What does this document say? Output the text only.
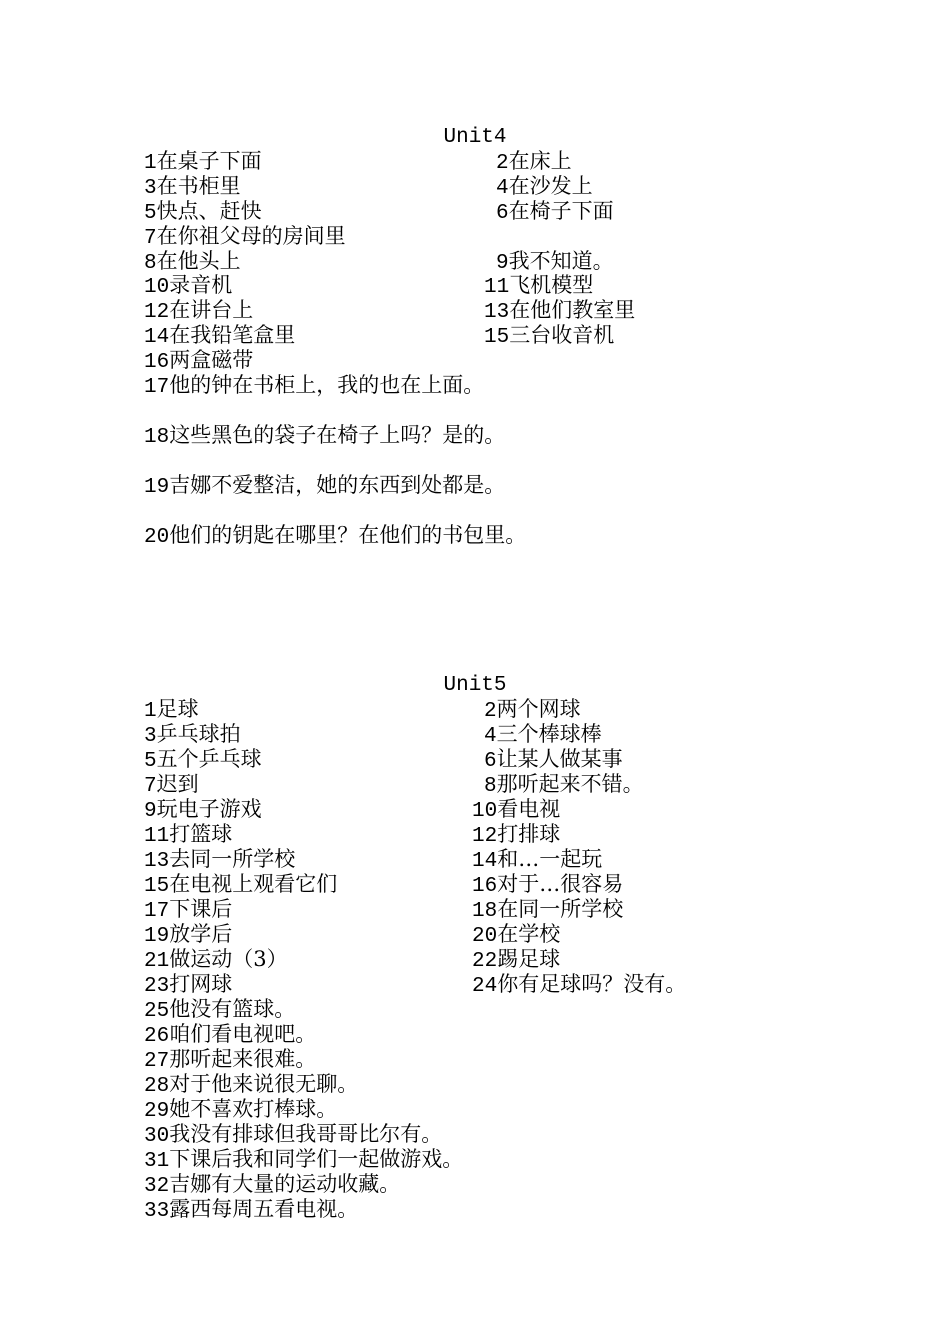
Unit4
1在桌子下面
3在书柜里
5快点、赶快
7在你祖父母的房间里
8在他头上
10录音机
12在讲台上
14在我铅笔盒里
16两盒磁带
17他的钟在书柜上，我的也在上面。
18这些黑色的袋子在椅子上吗？是的。
19吉娜不爱整洁，她的东西到处都是。
20他们的钥匙在哪里？在他们的书包里。
2在床上
4在沙发上
6在椅子下面
9我不知道。
11飞机模型
13在他们教室里
15三台收音机
Unit5
1足球
3乒乓球拍
5五个乒乓球
7迟到
9玩电子游戏
11打篮球
13去同一所学校
15在电视上观看它们
17下课后
19放学后
21做运动（3）
23打网球
25他没有篮球。
26咱们看电视吧。
27那听起来很难。
28对于他来说很无聊。
29她不喜欢打棒球。
30我没有排球但我哥哥比尔有。
31下课后我和同学们一起做游戏。
32吉娜有大量的运动收藏。
33露西每周五看电视。
2两个网球
4三个棒球棒
6让某人做某事
8那听起来不错。
10看电视
12打排球
14和…一起玩
16对于…很容易
18在同一所学校
20在学校
22踢足球
24你有足球吗？没有。
